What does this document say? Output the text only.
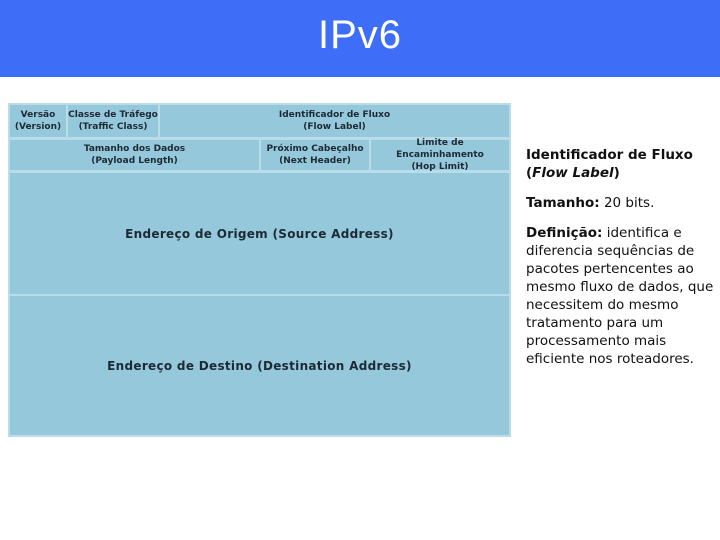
IPv6
Versão
(Version)
Classe de Tráfego
(Traffic Class)
Identificador de Fluxo
(Flow Label)
Tamanho dos Dados
(Payload Length)
Próximo Cabeçalho
(Next Header)
Limite de Encaminhamento
(Hop Limit)
Endereço de Origem (Source Address)
Endereço de Destino (Destination Address)

Identificador de Fluxo

(Flow Label)

Tamanho: 20 bits.

Definição: identifica e diferencia sequências de pacotes pertencentes ao mesmo fluxo de dados, que necessitem do mesmo tratamento para um processamento mais eficiente nos roteadores.
